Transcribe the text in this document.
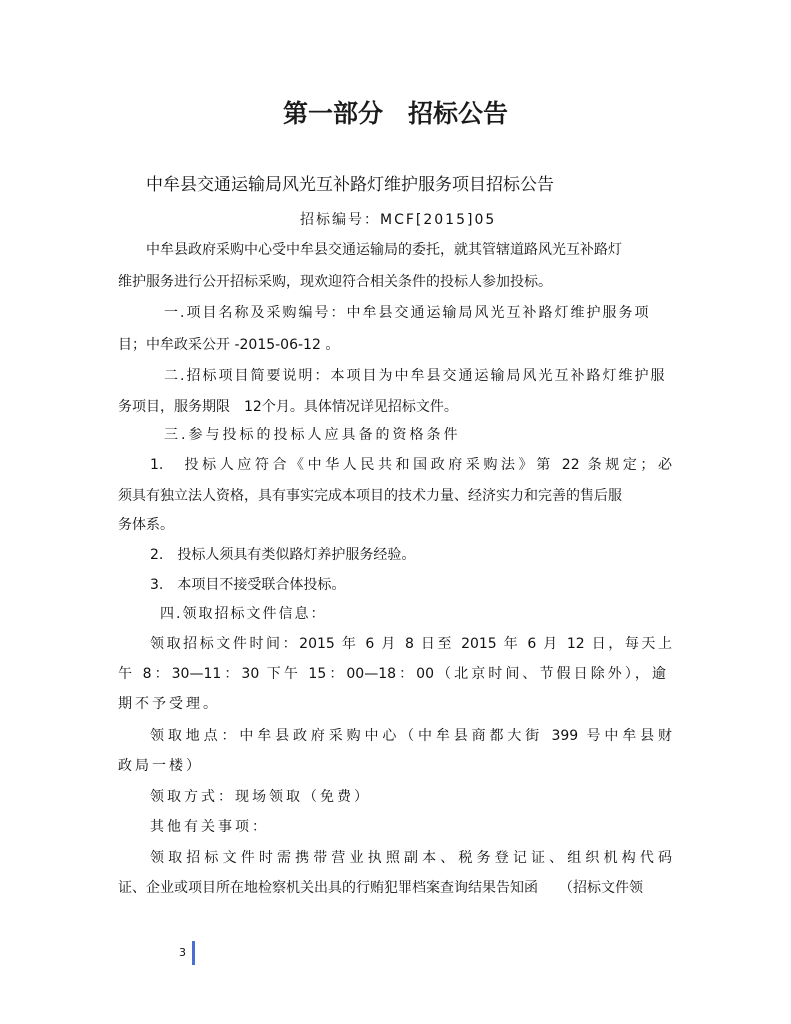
第一部分　招标公告
中牟县交通运输局风光互补路灯维护服务项目招标公告
招标编号：MCF[2015]05
中牟县政府采购中心受中牟县交通运输局的委托，就其管辖道路风光互补路灯
维护服务进行公开招标采购，现欢迎符合相关条件的投标人参加投标。
一.项目名称及采购编号：中牟县交通运输局风光互补路灯维护服务项
目；中牟政采公开 -2015-06-12 。
二.招标项目简要说明：本项目为中牟县交通运输局风光互补路灯维护服
务项目，服务期限　12个月。具体情况详见招标文件。
三.参与投标的投标人应具备的资格条件
1.　投标人应符合《中华人民共和国政府采购法》第 22 条规定；必
须具有独立法人资格，具有事实完成本项目的技术力量、经济实力和完善的售后服
务体系。
2.　投标人须具有类似路灯养护服务经验。
3.　本项目不接受联合体投标。
四.领取招标文件信息：
领取招标文件时间：2015 年 6 月 8 日至 2015 年 6 月 12 日，每天上
午 8：30—11：30 下午 15：00—18：00（北京时间、节假日除外），逾
期不予受理。
领取地点：中牟县政府采购中心（中牟县商都大街 399 号中牟县财
政局一楼）
领取方式：现场领取（免费）
其他有关事项：
领取招标文件时需携带营业执照副本、税务登记证、组织机构代码
证、企业或项目所在地检察机关出具的行贿犯罪档案查询结果告知函　　（招标文件领
3
